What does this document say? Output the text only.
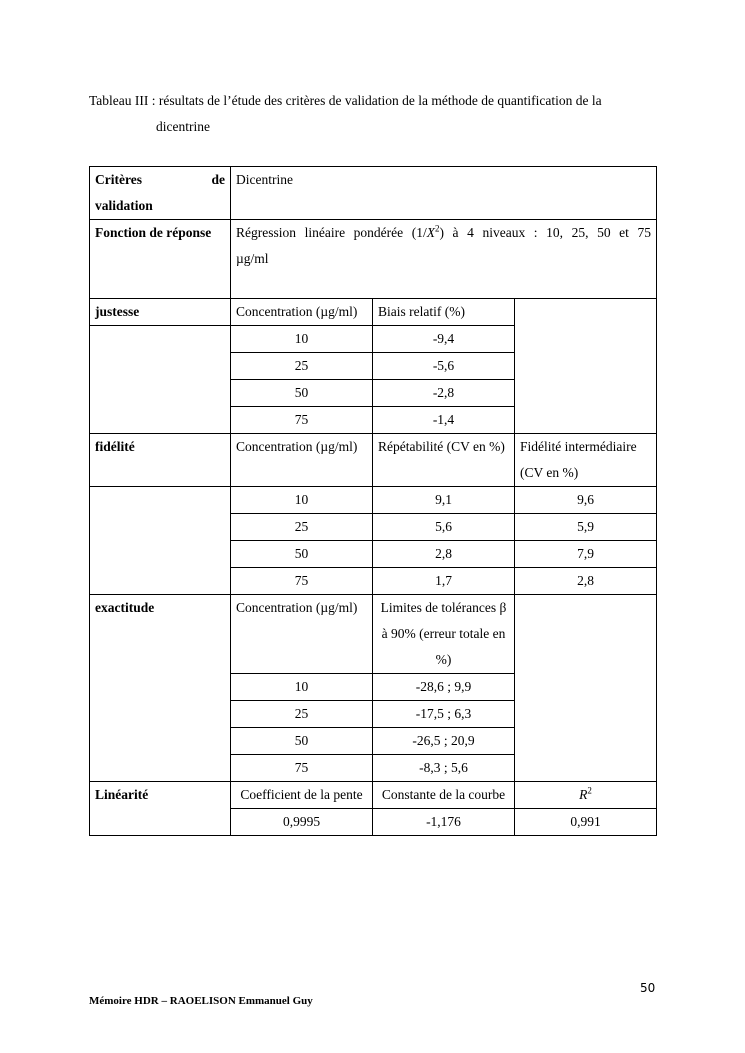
Tableau III : résultats de l’étude des critères de validation de la méthode de quantification de la
dicentrine
Critères de
validation	Dicentrine		
Fonction de réponse	Régression linéaire pondérée $(1/X^2)$ à 4 niveaux : 10, 25, 50 et 75
µg/ml		

justesse	Concentration (µg/ml)	Biais relatif (%)	
	10	-9,4	
	25	-5,6	
	50	-2,8	
	75	-1,4	
fidélité	Concentration (µg/ml)	Répétabilité (CV en %)	Fidélité intermédiaire (CV en %)
	10	9,1	9,6
	25	5,6	5,9
	50	2,8	7,9
	75	1,7	2,8
exactitude	Concentration (µg/ml)	Limites de tolérances β à 90% (erreur totale en %)	
	10	-28,6 ; 9,9	
	25	-17,5 ; 6,3	
	50	-26,5 ; 20,9	
	75	-8,3 ; 5,6	
Linéarité	Coefficient de la pente	Constante de la courbe	$R^2$
	0,9995	-1,176	0,991
50
Mémoire HDR – RAOELISON Emmanuel Guy
